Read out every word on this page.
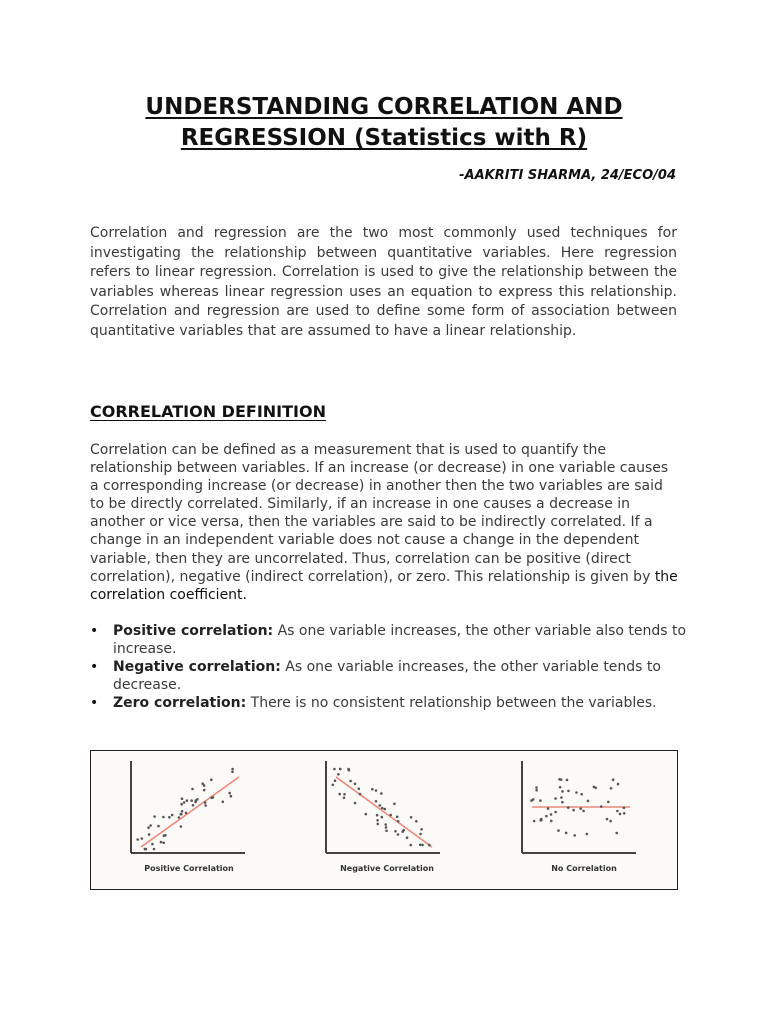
UNDERSTANDING CORRELATION AND
REGRESSION (Statistics with R)

-AAKRITI SHARMA, 24/ECO/04

Correlation and regression are the two most commonly used techniques for investigating the relationship between quantitative variables. Here regression refers to linear regression. Correlation is used to give the relationship between the variables whereas linear regression uses an equation to express this relationship. Correlation and regression are used to define some form of association between quantitative variables that are assumed to have a linear relationship.

CORRELATION DEFINITION

Correlation can be defined as a measurement that is used to quantify the relationship between variables. If an increase (or decrease) in one variable causes a corresponding increase (or decrease) in another then the two variables are said to be directly correlated. Similarly, if an increase in one causes a decrease in another or vice versa, then the variables are said to be indirectly correlated. If a change in an independent variable does not cause a change in the dependent variable, then they are uncorrelated. Thus, correlation can be positive (direct correlation), negative (indirect correlation), or zero. This relationship is given by the correlation coefficient.

• Positive correlation: As one variable increases, the other variable also tends to increase.
• Negative correlation: As one variable increases, the other variable tends to decrease.
• Zero correlation: There is no consistent relationship between the variables.
Positive Correlation	Negative Correlation	No Correlation
